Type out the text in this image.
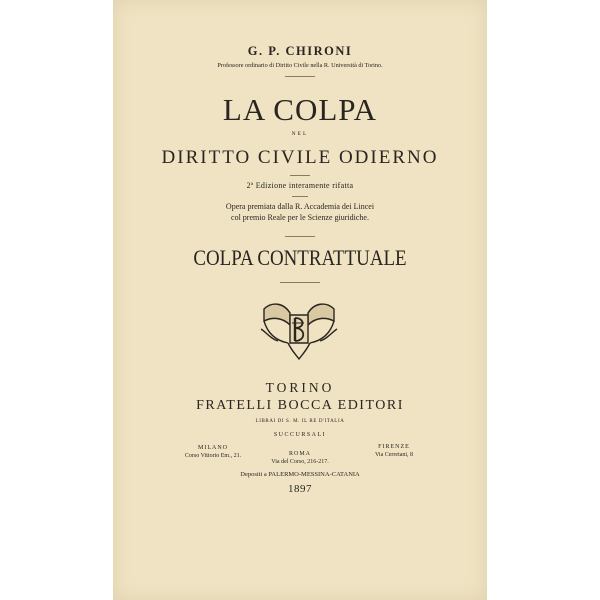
G. P. CHIRONI
Professore ordinario di Diritto Civile nella R. Università di Torino.
LA COLPA
NEL
DIRITTO CIVILE ODIERNO
2ª Edizione interamente rifatta
Opera premiata dalla R. Accademia dei Lincei
col premio Reale per le Scienze giuridiche.
COLPA CONTRATTUALE
TORINO
FRATELLI BOCCA EDITORI
LIBRAI DI S. M. IL RE D'ITALIA
SUCCURSALI
MILANO
Corso Vittorio Em., 21.	ROMA
Via del Corso, 216-217.
FIRENZE
Via Cerretani, 8
Depositi a PALERMO-MESSINA-CATANIA
1897
